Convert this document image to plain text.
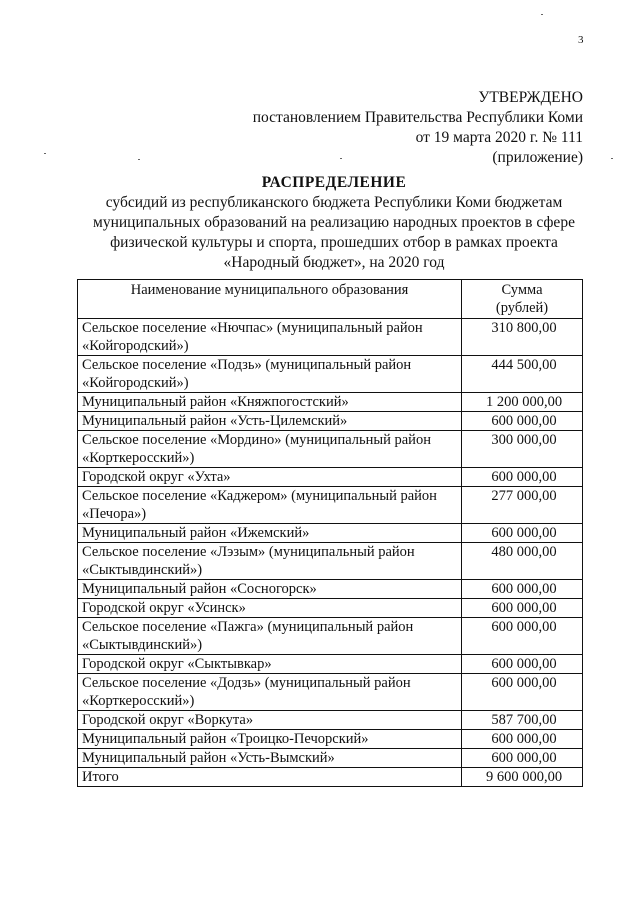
3
УТВЕРЖДЕНО
постановлением Правительства Республики Коми
от 19 марта 2020 г. № 111
(приложение)
РАСПРЕДЕЛЕНИЕ
субсидий из республиканского бюджета Республики Коми бюджетам
муниципальных образований на реализацию народных проектов в сфере
физической культуры и спорта, прошедших отбор в рамках проекта
«Народный бюджет», на 2020 год
Наименование муниципального образования	Сумма
(рублей)

Сельское поселение «Нючпас» (муниципальный район
«Койгородский»)	310 800,00

Сельское поселение «Подзь» (муниципальный район
«Койгородский»)	444 500,00

Муниципальный район «Княжпогостский»	1 200 000,00

Муниципальный район «Усть-Цилемский»	600 000,00

Сельское поселение «Мордино» (муниципальный район
«Корткеросский»)	300 000,00

Городской округ «Ухта»	600 000,00

Сельское поселение «Каджером» (муниципальный район
«Печора»)	277 000,00

Муниципальный район «Ижемский»	600 000,00

Сельское поселение «Лэзым» (муниципальный район
«Сыктывдинский»)	480 000,00

Муниципальный район «Сосногорск»	600 000,00

Городской округ «Усинск»	600 000,00

Сельское поселение «Пажга» (муниципальный район
«Сыктывдинский»)	600 000,00

Городской округ «Сыктывкар»	600 000,00

Сельское поселение «Додзь» (муниципальный район
«Корткеросский»)	600 000,00

Городской округ «Воркута»	587 700,00

Муниципальный район «Троицко-Печорский»	600 000,00

Муниципальный район «Усть-Вымский»	600 000,00
Итого	9 600 000,00
